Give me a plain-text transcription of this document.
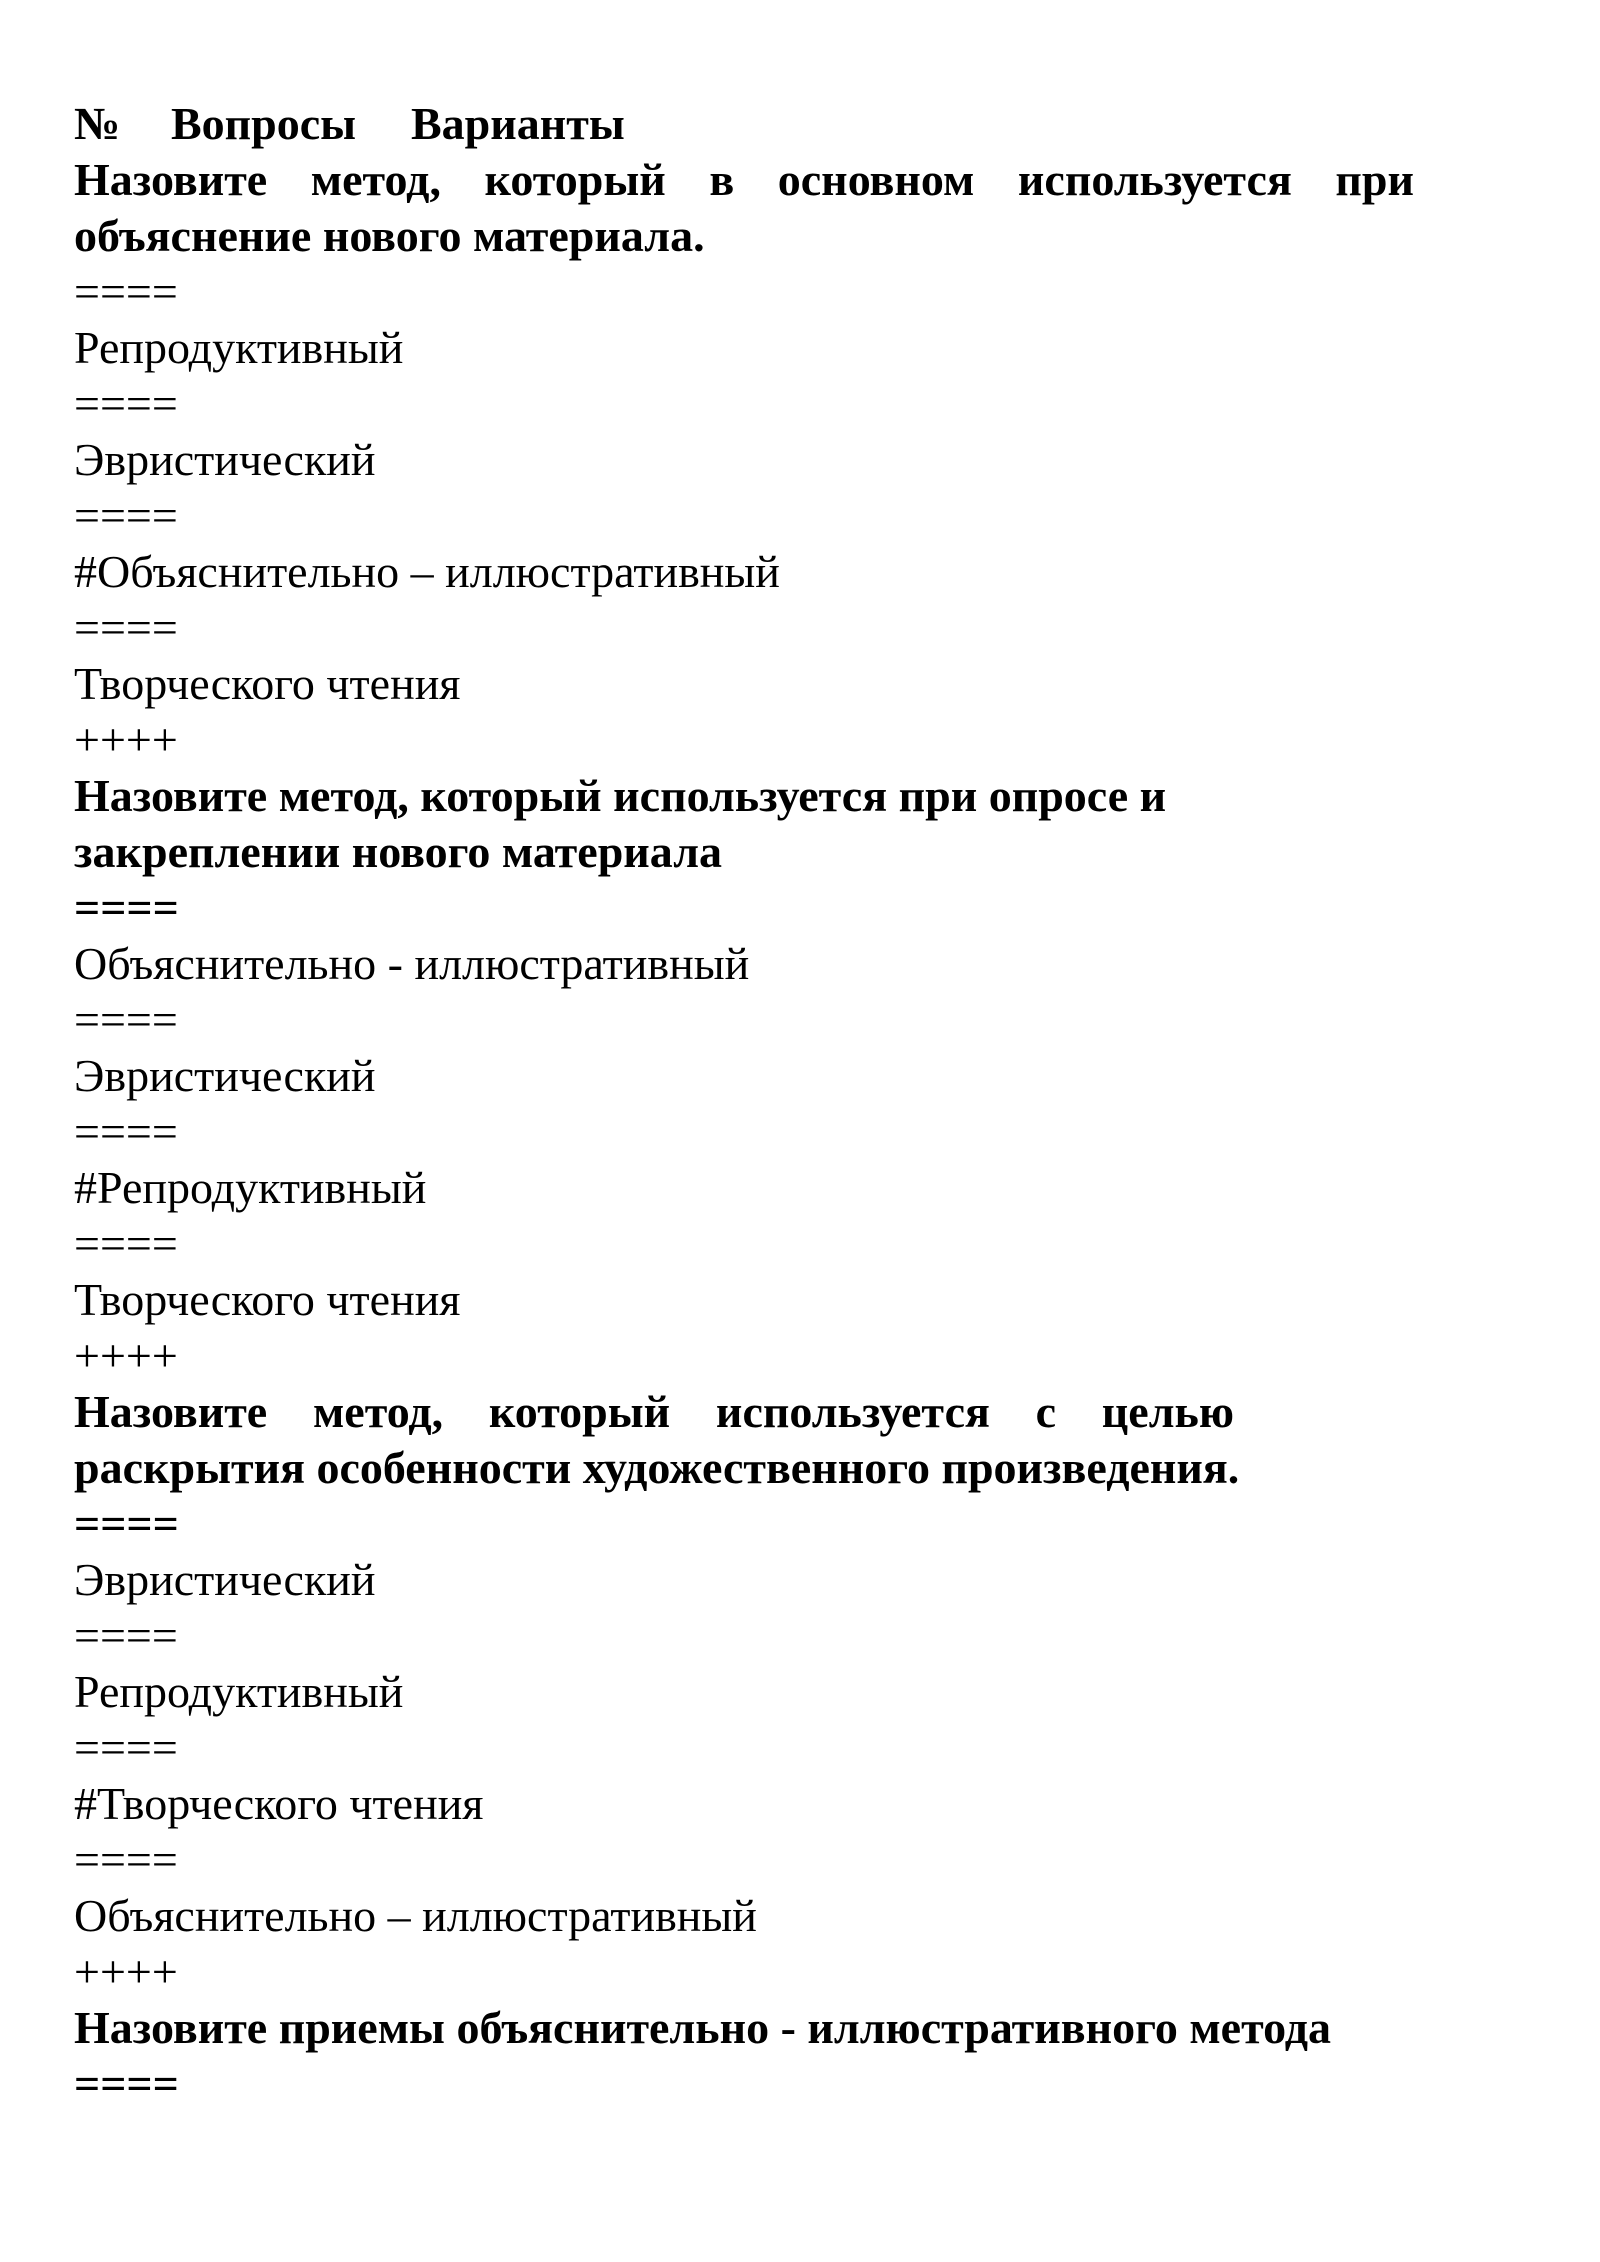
№	Вопросы	Варианты
Назовите метод, который в основном используется при
объяснение нового материала.
====
Репродуктивный
====
Эвристический
====
#Объяснительно – иллюстративный
====
Творческого чтения
++++
Назовите метод, который используется при опросе и
закреплении нового материала
====
Объяснительно - иллюстративный
====
Эвристический
====
#Репродуктивный
====
Творческого чтения
++++
Назовите метод, который используется с целью
раскрытия особенности художественного произведения.
====
Эвристический
====
Репродуктивный
====
#Творческого чтения
====
Объяснительно – иллюстративный
++++
Назовите приемы объяснительно - иллюстративного метода
====
